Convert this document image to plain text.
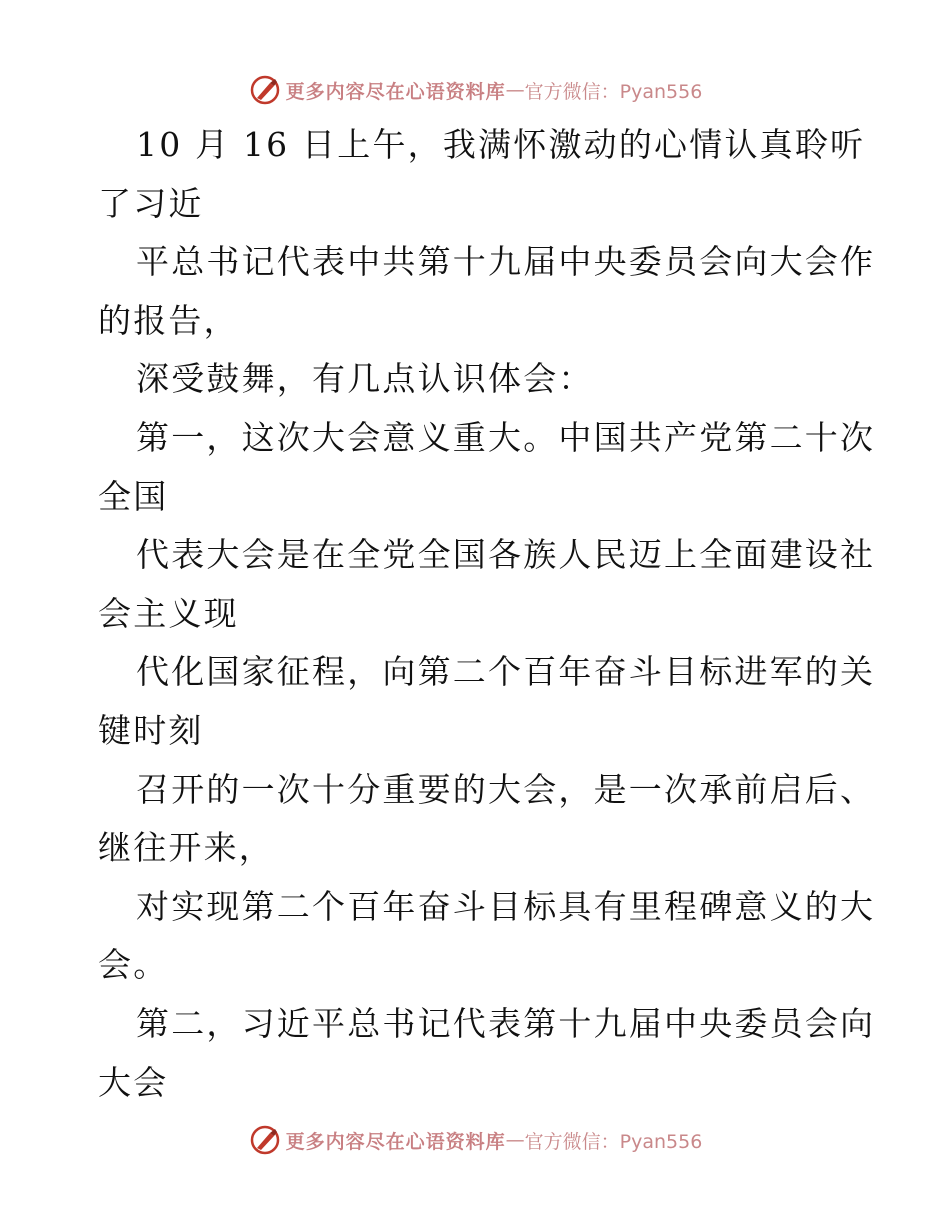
更多内容尽在心语资料库 — 官方微信：Pyan556
10 月 16 日上午，我满怀激动的心情认真聆听
了习近
平总书记代表中共第十九届中央委员会向大会作
的报告，
深受鼓舞，有几点认识体会：
第一，这次大会意义重大。中国共产党第二十次
全国
代表大会是在全党全国各族人民迈上全面建设社
会主义现
代化国家征程，向第二个百年奋斗目标进军的关
键时刻
召开的一次十分重要的大会，是一次承前启后、
继往开来，
对实现第二个百年奋斗目标具有里程碑意义的大
会。
第二，习近平总书记代表第十九届中央委员会向
大会
更多内容尽在心语资料库 — 官方微信：Pyan556
